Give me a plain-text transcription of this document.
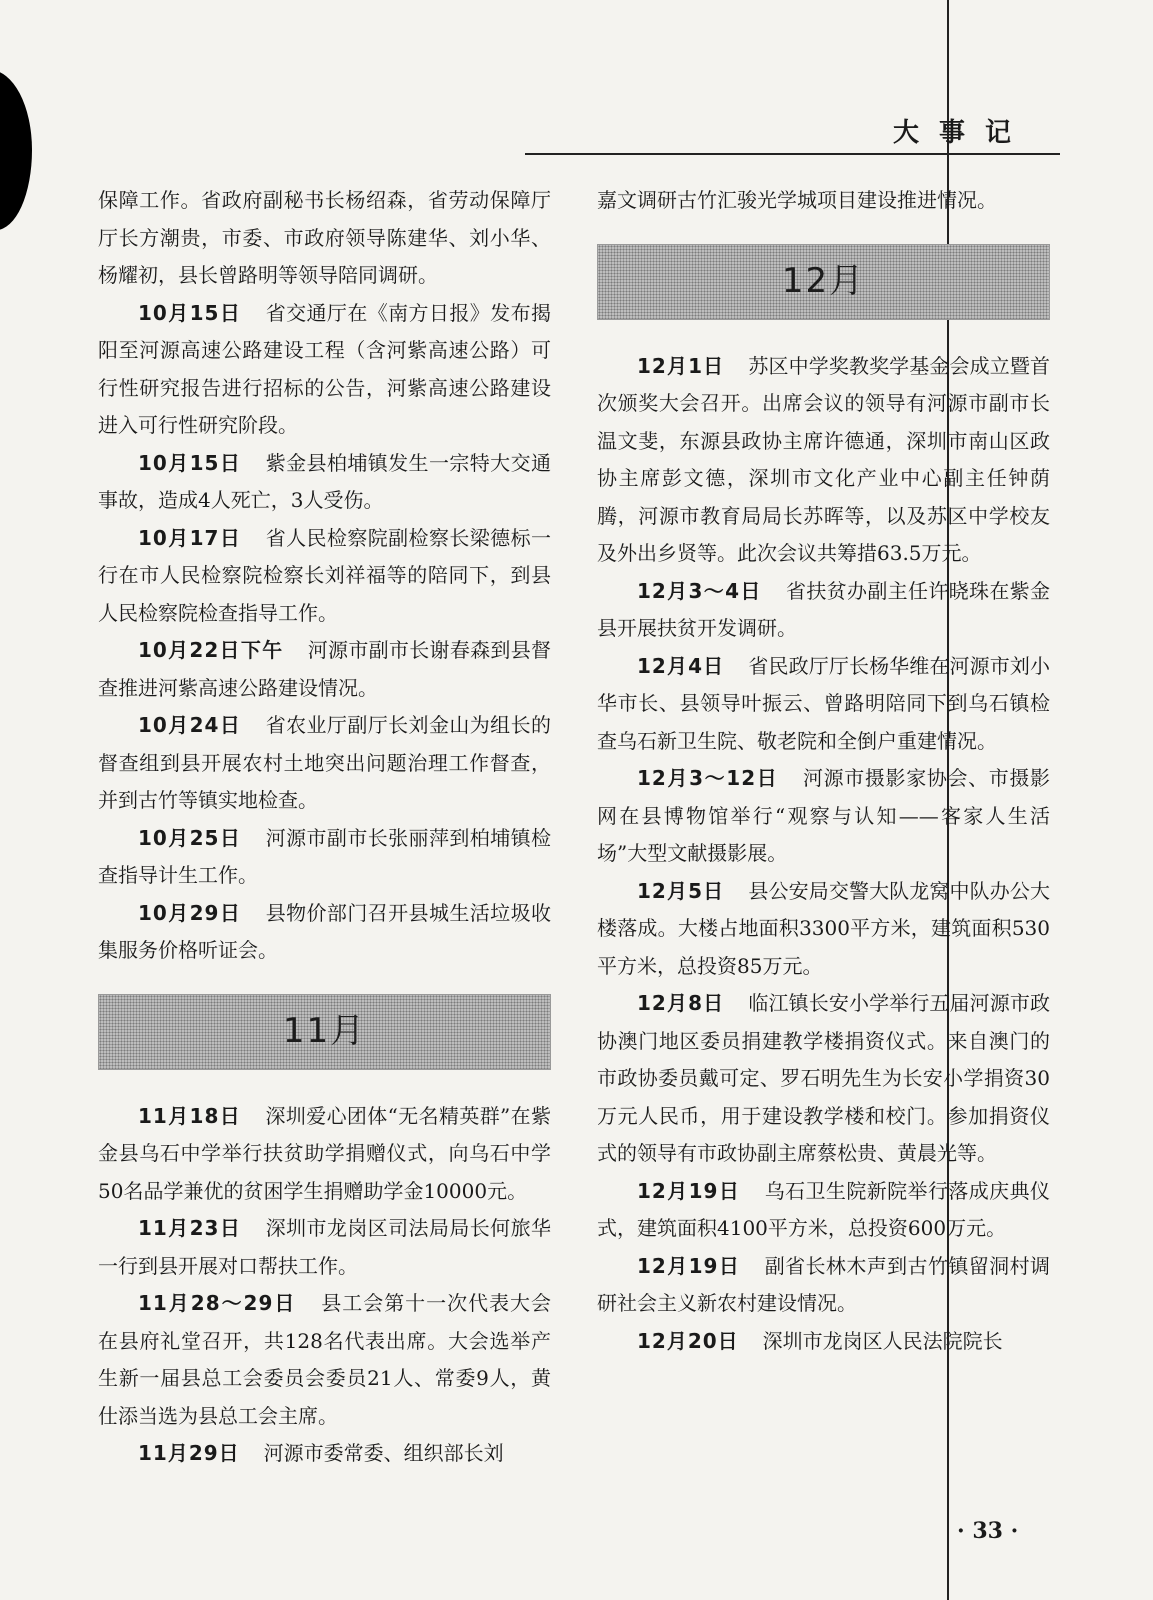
大事记

保障工作。省政府副秘书长杨绍森，省劳动保障厅厅长方潮贵，市委、市政府领导陈建华、刘小华、杨耀初，县长曾路明等领导陪同调研。

10月15日 省交通厅在《南方日报》发布揭阳至河源高速公路建设工程（含河紫高速公路）可行性研究报告进行招标的公告，河紫高速公路建设进入可行性研究阶段。

10月15日 紫金县柏埔镇发生一宗特大交通事故，造成4人死亡，3人受伤。

10月17日 省人民检察院副检察长梁德标一行在市人民检察院检察长刘祥福等的陪同下，到县人民检察院检查指导工作。

10月22日下午 河源市副市长谢春森到县督查推进河紫高速公路建设情况。

10月24日 省农业厅副厅长刘金山为组长的督查组到县开展农村土地突出问题治理工作督查，并到古竹等镇实地检查。

10月25日 河源市副市长张丽萍到柏埔镇检查指导计生工作。

10月29日 县物价部门召开县城生活垃圾收集服务价格听证会。

11月

11月18日 深圳爱心团体“无名精英群”在紫金县乌石中学举行扶贫助学捐赠仪式，向乌石中学50名品学兼优的贫困学生捐赠助学金10000元。

11月23日 深圳市龙岗区司法局局长何旅华一行到县开展对口帮扶工作。

11月28～29日 县工会第十一次代表大会在县府礼堂召开，共128名代表出席。大会选举产生新一届县总工会委员会委员21人、常委9人，黄仕添当选为县总工会主席。

11月29日 河源市委常委、组织部长刘

嘉文调研古竹汇骏光学城项目建设推进情况。

12月

12月1日 苏区中学奖教奖学基金会成立暨首次颁奖大会召开。出席会议的领导有河源市副市长温文斐，东源县政协主席许德通，深圳市南山区政协主席彭文德，深圳市文化产业中心副主任钟荫腾，河源市教育局局长苏晖等，以及苏区中学校友及外出乡贤等。此次会议共筹措63.5万元。

12月3～4日 省扶贫办副主任许晓珠在紫金县开展扶贫开发调研。

12月4日 省民政厅厅长杨华维在河源市刘小华市长、县领导叶振云、曾路明陪同下到乌石镇检查乌石新卫生院、敬老院和全倒户重建情况。

12月3～12日 河源市摄影家协会、市摄影网在县博物馆举行“观察与认知——客家人生活场”大型文献摄影展。

12月5日 县公安局交警大队龙窝中队办公大楼落成。大楼占地面积3300平方米，建筑面积530平方米，总投资85万元。

12月8日 临江镇长安小学举行五届河源市政协澳门地区委员捐建教学楼捐资仪式。来自澳门的市政协委员戴可定、罗石明先生为长安小学捐资30万元人民币，用于建设教学楼和校门。参加捐资仪式的领导有市政协副主席蔡松贵、黄晨光等。

12月19日 乌石卫生院新院举行落成庆典仪式，建筑面积4100平方米，总投资600万元。

12月19日 副省长林木声到古竹镇留洞村调研社会主义新农村建设情况。

12月20日 深圳市龙岗区人民法院院长

· 33 ·
